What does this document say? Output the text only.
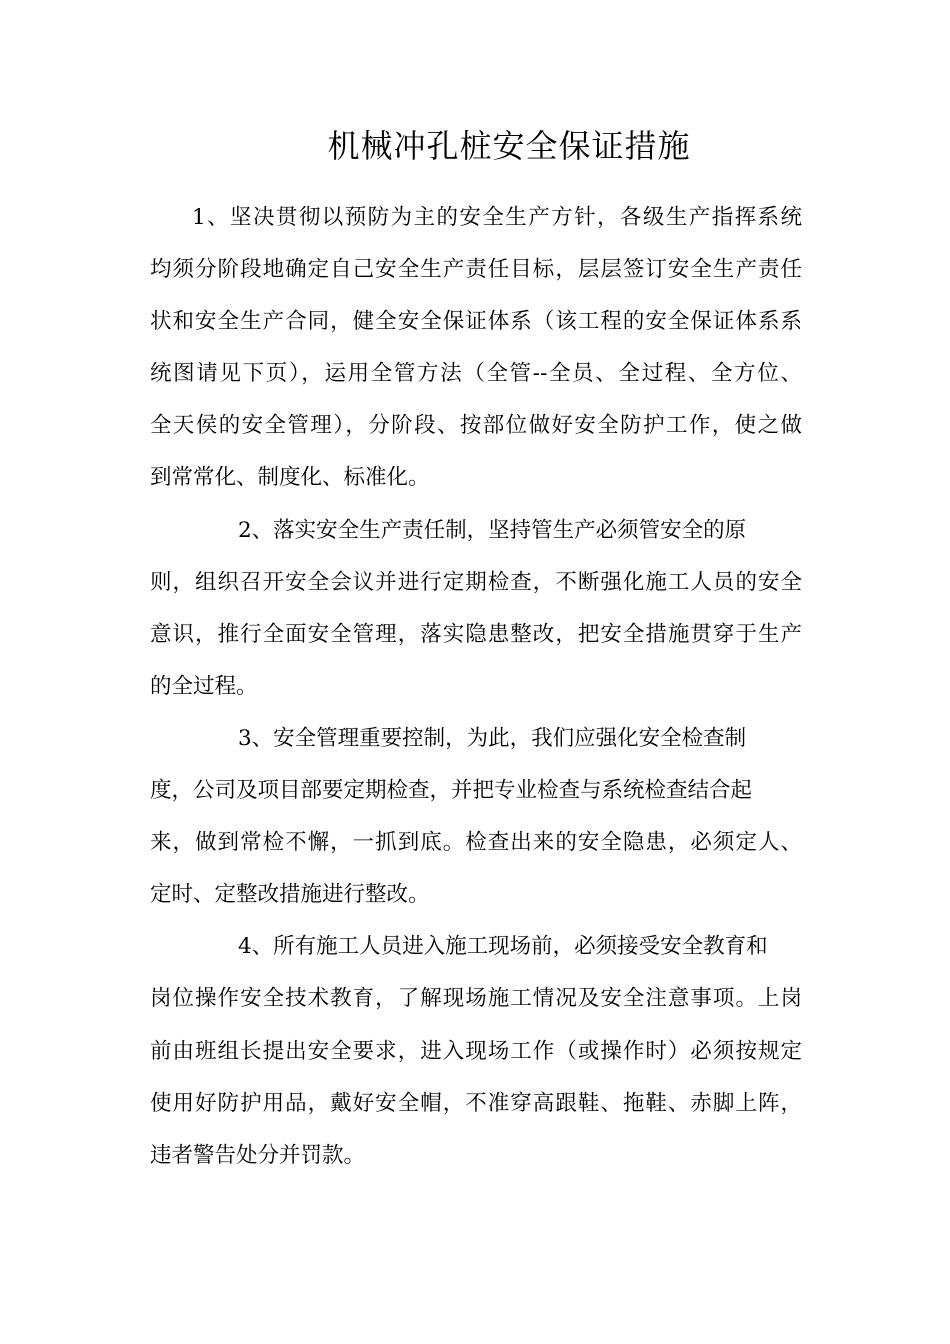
机械冲孔桩安全保证措施
1、坚决贯彻以预防为主的安全生产方针，各级生产指挥系统
均须分阶段地确定自己安全生产责任目标，层层签订安全生产责任
状和安全生产合同，健全安全保证体系（该工程的安全保证体系系
统图请见下页），运用全管方法（全管--全员、全过程、全方位、
全天侯的安全管理），分阶段、按部位做好安全防护工作，使之做
到常常化、制度化、标准化。
2、落实安全生产责任制，坚持管生产必须管安全的原
则，组织召开安全会议并进行定期检查，不断强化施工人员的安全
意识，推行全面安全管理，落实隐患整改，把安全措施贯穿于生产
的全过程。
3、安全管理重要控制，为此，我们应强化安全检查制
度，公司及项目部要定期检查，并把专业检查与系统检查结合起
来，做到常检不懈，一抓到底。检查出来的安全隐患，必须定人、
定时、定整改措施进行整改。
4、所有施工人员进入施工现场前，必须接受安全教育和
岗位操作安全技术教育，了解现场施工情况及安全注意事项。上岗
前由班组长提出安全要求，进入现场工作（或操作时）必须按规定
使用好防护用品，戴好安全帽，不准穿高跟鞋、拖鞋、赤脚上阵，
违者警告处分并罚款。
